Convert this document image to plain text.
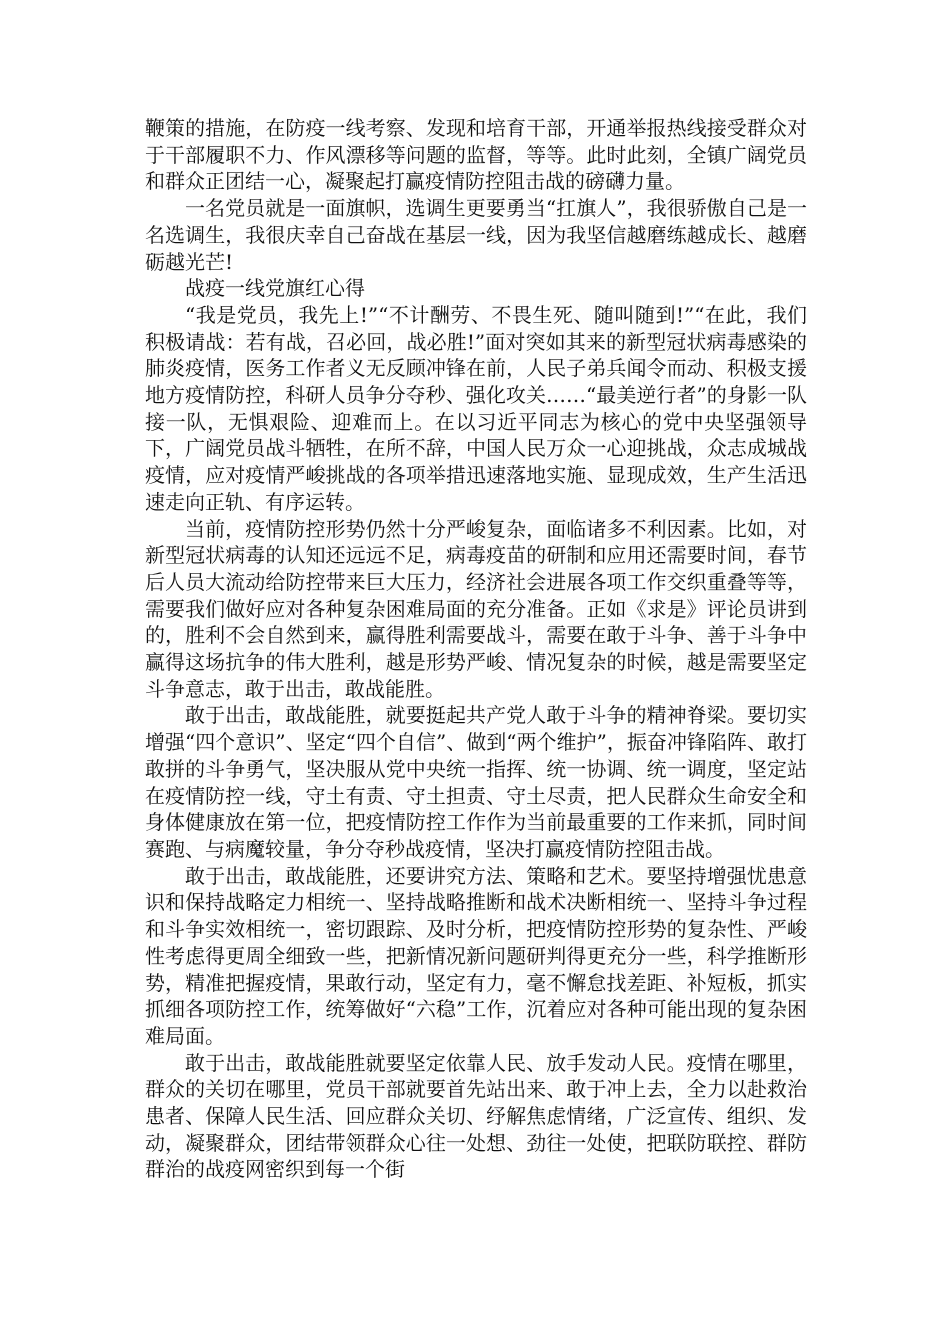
鞭策的措施，在防疫一线考察、发现和培育干部，开通举报热线接受群众对于干部履职不力、作风漂移等问题的监督，等等。此时此刻，全镇广阔党员和群众正团结一心，凝聚起打赢疫情防控阻击战的磅礴力量。

一名党员就是一面旗帜，选调生更要勇当“扛旗人”，我很骄傲自己是一名选调生，我很庆幸自己奋战在基层一线，因为我坚信越磨练越成长、越磨砺越光芒!

战疫一线党旗红心得

“我是党员，我先上!”“不计酬劳、不畏生死、随叫随到!”“在此，我们积极请战：若有战，召必回，战必胜!”面对突如其来的新型冠状病毒感染的肺炎疫情，医务工作者义无反顾冲锋在前，人民子弟兵闻令而动、积极支援地方疫情防控，科研人员争分夺秒、强化攻关……“最美逆行者”的身影一队接一队，无惧艰险、迎难而上。在以习近平同志为核心的党中央坚强领导下，广阔党员战斗牺牲，在所不辞，中国人民万众一心迎挑战，众志成城战疫情，应对疫情严峻挑战的各项举措迅速落地实施、显现成效，生产生活迅速走向正轨、有序运转。

当前，疫情防控形势仍然十分严峻复杂，面临诸多不利因素。比如，对新型冠状病毒的认知还远远不足，病毒疫苗的研制和应用还需要时间，春节后人员大流动给防控带来巨大压力，经济社会进展各项工作交织重叠等等，需要我们做好应对各种复杂困难局面的充分准备。正如《求是》评论员讲到的，胜利不会自然到来，赢得胜利需要战斗，需要在敢于斗争、善于斗争中赢得这场抗争的伟大胜利，越是形势严峻、情况复杂的时候，越是需要坚定斗争意志，敢于出击，敢战能胜。

敢于出击，敢战能胜，就要挺起共产党人敢于斗争的精神脊梁。要切实增强“四个意识”、坚定“四个自信”、做到“两个维护”，振奋冲锋陷阵、敢打敢拼的斗争勇气，坚决服从党中央统一指挥、统一协调、统一调度，坚定站在疫情防控一线，守土有责、守土担责、守土尽责，把人民群众生命安全和身体健康放在第一位，把疫情防控工作作为当前最重要的工作来抓，同时间赛跑、与病魔较量，争分夺秒战疫情，坚决打赢疫情防控阻击战。

敢于出击，敢战能胜，还要讲究方法、策略和艺术。要坚持增强忧患意识和保持战略定力相统一、坚持战略推断和战术决断相统一、坚持斗争过程和斗争实效相统一，密切跟踪、及时分析，把疫情防控形势的复杂性、严峻性考虑得更周全细致一些，把新情况新问题研判得更充分一些，科学推断形势，精准把握疫情，果敢行动，坚定有力，毫不懈怠找差距、补短板，抓实抓细各项防控工作，统筹做好“六稳”工作，沉着应对各种可能出现的复杂困难局面。

敢于出击，敢战能胜就要坚定依靠人民、放手发动人民。疫情在哪里，群众的关切在哪里，党员干部就要首先站出来、敢于冲上去，全力以赴救治患者、保障人民生活、回应群众关切、纾解焦虑情绪，广泛宣传、组织、发动，凝聚群众，团结带领群众心往一处想、劲往一处使，把联防联控、群防群治的战疫网密织到每一个街
